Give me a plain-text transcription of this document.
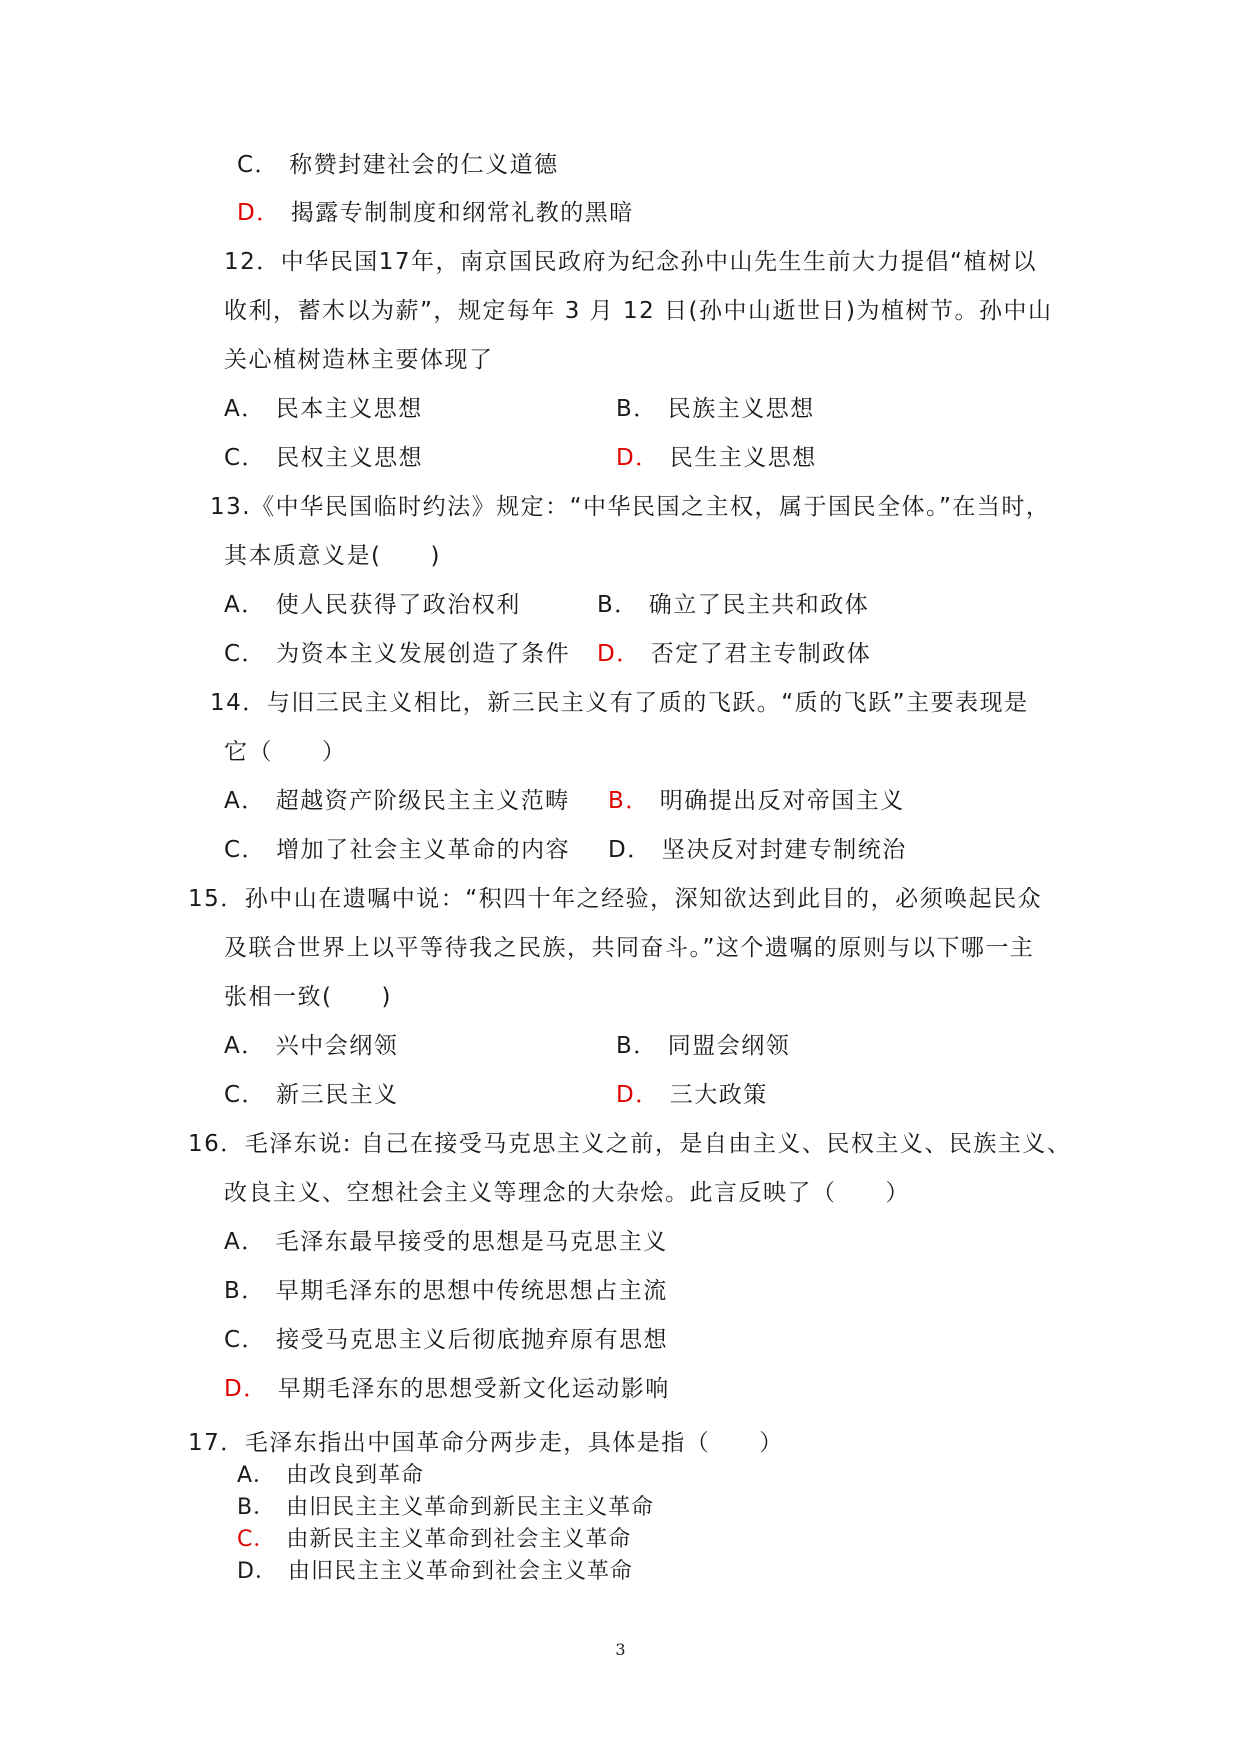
C． 称赞封建社会的仁义道德
D． 揭露专制制度和纲常礼教的黑暗
12．中华民国17年，南京国民政府为纪念孙中山先生生前大力提倡“植树以
收利，蓄木以为薪”，规定每年 3 月 12 日(孙中山逝世日)为植树节。孙中山
关心植树造林主要体现了
A． 民本主义思想	B． 民族主义思想
C． 民权主义思想	D． 民生主义思想
13.《中华民国临时约法》规定：“中华民国之主权，属于国民全体。”在当时，
其本质意义是(　　)
A． 使人民获得了政治权利	B． 确立了民主共和政体
C． 为资本主义发展创造了条件 D． 否定了君主专制政体
14．与旧三民主义相比，新三民主义有了质的飞跃。“质的飞跃”主要表现是
它（　　）
A． 超越资产阶级民主主义范畴 B． 明确提出反对帝国主义
C． 增加了社会主义革命的内容 D． 坚决反对封建专制统治
15．孙中山在遗嘱中说：“积四十年之经验，深知欲达到此目的，必须唤起民众
及联合世界上以平等待我之民族，共同奋斗。”这个遗嘱的原则与以下哪一主
张相一致(　　)
A． 兴中会纲领	B． 同盟会纲领
C． 新三民主义	D． 三大政策
16．毛泽东说: 自己在接受马克思主义之前，是自由主义、民权主义、民族主义、
改良主义、空想社会主义等理念的大杂烩。此言反映了（　　）
A． 毛泽东最早接受的思想是马克思主义
B． 早期毛泽东的思想中传统思想占主流
C． 接受马克思主义后彻底抛弃原有思想
D． 早期毛泽东的思想受新文化运动影响
17．毛泽东指出中国革命分两步走，具体是指（　　）
A． 由改良到革命
B． 由旧民主主义革命到新民主主义革命
C． 由新民主主义革命到社会主义革命
D． 由旧民主主义革命到社会主义革命
3
